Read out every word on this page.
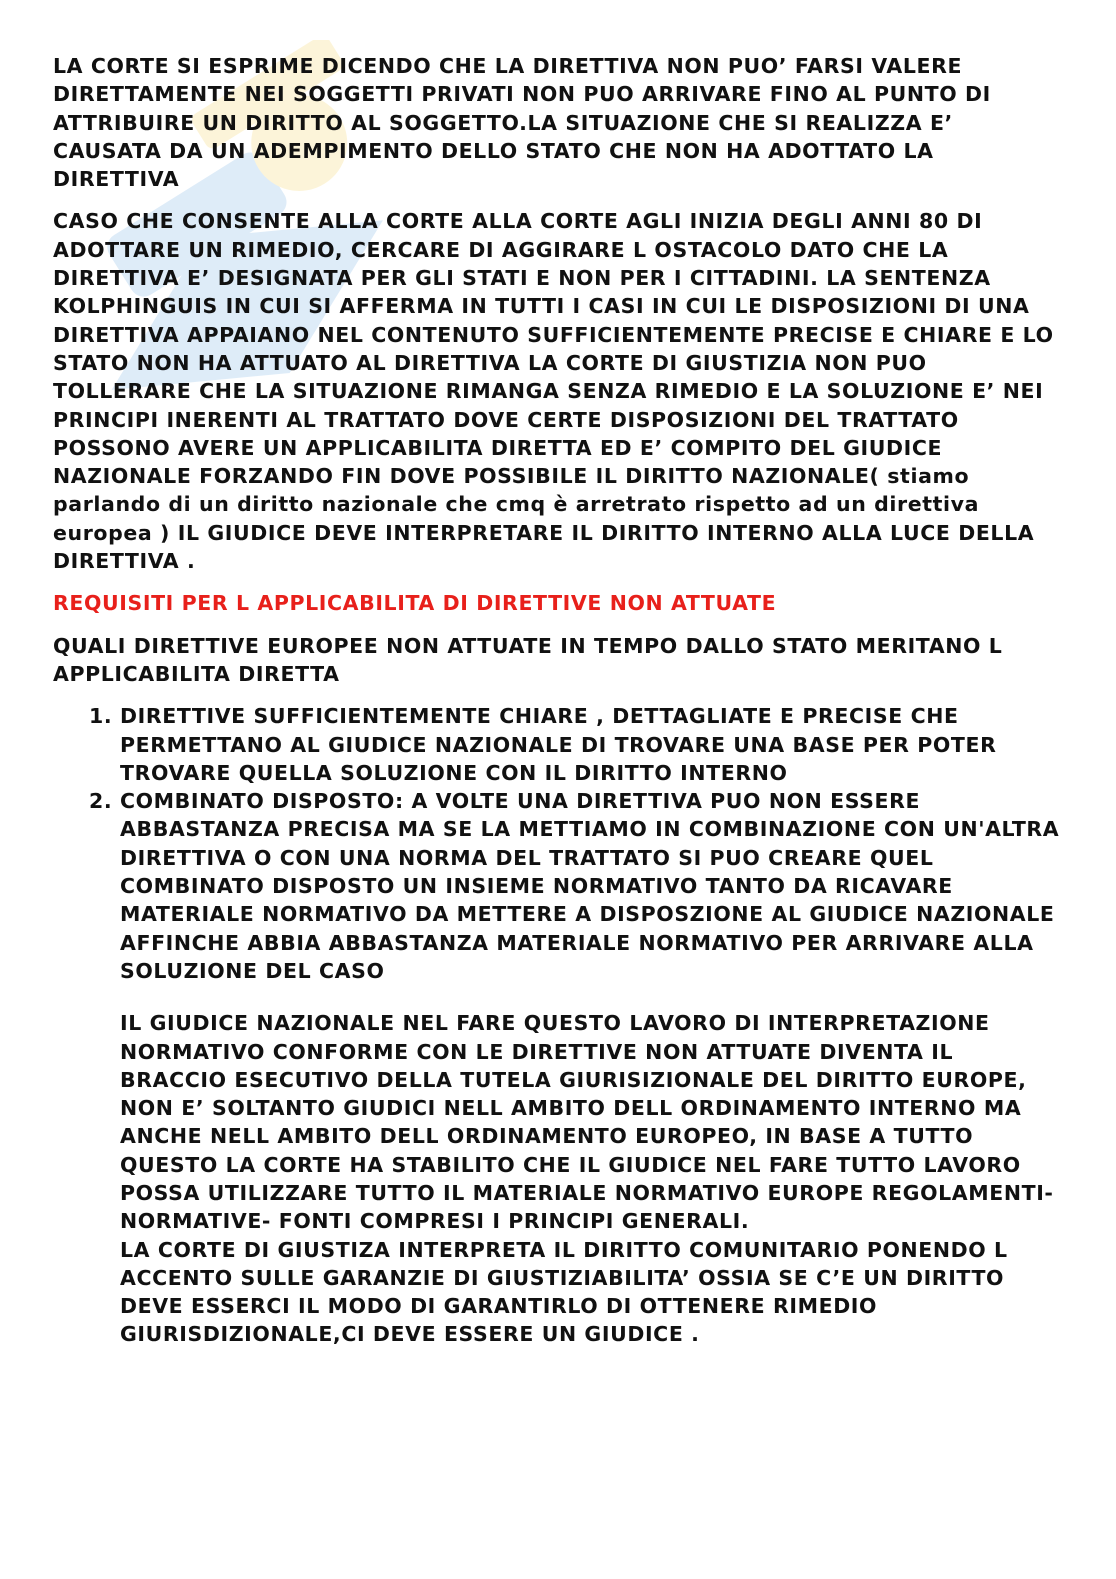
LA CORTE SI ESPRIME DICENDO CHE LA DIRETTIVA NON PUO’ FARSI VALERE DIRETTAMENTE NEI SOGGETTI PRIVATI NON PUO ARRIVARE FINO AL PUNTO DI ATTRIBUIRE UN DIRITTO AL SOGGETTO.LA SITUAZIONE CHE SI REALIZZA E’ CAUSATA DA UN ADEMPIMENTO DELLO STATO CHE NON HA ADOTTATO LA DIRETTIVA

CASO CHE CONSENTE ALLA CORTE ALLA CORTE AGLI INIZIA DEGLI ANNI 80 DI ADOTTARE UN RIMEDIO, CERCARE DI AGGIRARE L OSTACOLO DATO CHE LA DIRETTIVA E’ DESIGNATA PER GLI STATI E NON PER I CITTADINI. LA SENTENZA KOLPHINGUIS IN CUI SI AFFERMA IN TUTTI I CASI IN CUI LE DISPOSIZIONI DI UNA DIRETTIVA APPAIANO NEL CONTENUTO SUFFICIENTEMENTE PRECISE E CHIARE E LO STATO NON HA ATTUATO AL DIRETTIVA LA CORTE DI GIUSTIZIA NON PUO TOLLERARE CHE LA SITUAZIONE RIMANGA SENZA RIMEDIO E LA SOLUZIONE E’ NEI PRINCIPI INERENTI AL TRATTATO DOVE CERTE DISPOSIZIONI DEL TRATTATO POSSONO AVERE UN APPLICABILITA DIRETTA ED E’ COMPITO DEL GIUDICE NAZIONALE FORZANDO FIN DOVE POSSIBILE IL DIRITTO NAZIONALE( stiamo parlando di un diritto nazionale che cmq è arretrato rispetto ad un direttiva europea ) IL GIUDICE DEVE INTERPRETARE IL DIRITTO INTERNO ALLA LUCE DELLA DIRETTIVA .

REQUISITI PER L APPLICABILITA DI DIRETTIVE NON ATTUATE

QUALI DIRETTIVE EUROPEE NON ATTUATE IN TEMPO DALLO STATO MERITANO L APPLICABILITA DIRETTA

1. DIRETTIVE SUFFICIENTEMENTE CHIARE , DETTAGLIATE E PRECISE CHE PERMETTANO AL GIUDICE NAZIONALE DI TROVARE UNA BASE PER POTER TROVARE QUELLA SOLUZIONE CON IL DIRITTO INTERNO
2. COMBINATO DISPOSTO: A VOLTE UNA DIRETTIVA PUO NON ESSERE ABBASTANZA PRECISA MA SE LA METTIAMO IN COMBINAZIONE CON UN'ALTRA DIRETTIVA O CON UNA NORMA DEL TRATTATO SI PUO CREARE QUEL COMBINATO DISPOSTO UN INSIEME NORMATIVO TANTO DA RICAVARE MATERIALE NORMATIVO DA METTERE A DISPOSZIONE AL GIUDICE NAZIONALE AFFINCHE ABBIA ABBASTANZA MATERIALE NORMATIVO PER ARRIVARE ALLA SOLUZIONE DEL CASO

IL GIUDICE NAZIONALE NEL FARE QUESTO LAVORO DI INTERPRETAZIONE NORMATIVO CONFORME CON LE DIRETTIVE NON ATTUATE DIVENTA IL BRACCIO ESECUTIVO DELLA TUTELA GIURISIZIONALE DEL DIRITTO EUROPE, NON E’ SOLTANTO GIUDICI NELL AMBITO DELL ORDINAMENTO INTERNO MA ANCHE NELL AMBITO DELL ORDINAMENTO EUROPEO, IN BASE A TUTTO QUESTO LA CORTE HA STABILITO CHE IL GIUDICE NEL FARE TUTTO LAVORO POSSA UTILIZZARE TUTTO IL MATERIALE NORMATIVO EUROPE REGOLAMENTI- NORMATIVE- FONTI COMPRESI I PRINCIPI GENERALI.

LA CORTE DI GIUSTIZA INTERPRETA IL DIRITTO COMUNITARIO PONENDO L ACCENTO SULLE GARANZIE DI GIUSTIZIABILITA’ OSSIA SE C’E UN DIRITTO DEVE ESSERCI IL MODO DI GARANTIRLO DI OTTENERE RIMEDIO GIURISDIZIONALE,CI DEVE ESSERE UN GIUDICE .
